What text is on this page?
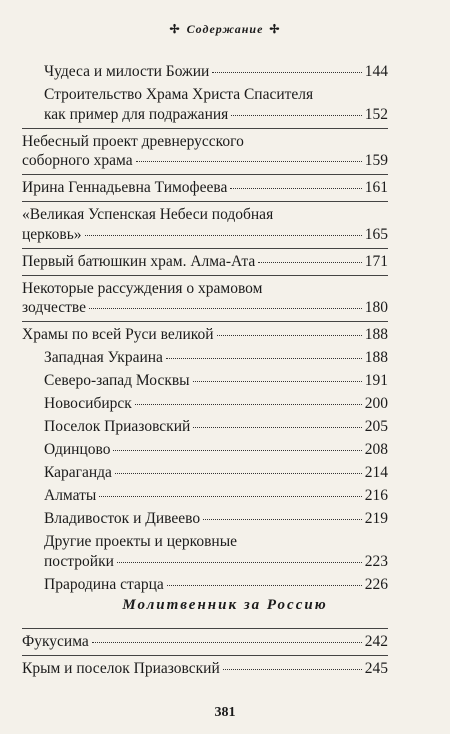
✢ Содержание ✢
Чудеса и милости Божии	144
Строительство Храма Христа Спасителя
как пример для подражания	152
Небесный проект древнерусского
соборного храма	159
Ирина Геннадьевна Тимофеева	161
«Великая Успенская Небеси подобная
церковь»	165
Первый батюшкин храм. Алма-Ата	171
Некоторые рассуждения о храмовом
зодчестве	180
Храмы по всей Руси великой	188
Западная Украина	188
Северо-запад Москвы	191
Новосибирск	200
Поселок Приазовский	205
Одинцово	208
Караганда	214
Алматы	216
Владивосток и Дивеево	219
Другие проекты и церковные
постройки	223
Прародина старца	226
Молитвенник за Россию
Фукусима	242
Крым и поселок Приазовский	245
381
